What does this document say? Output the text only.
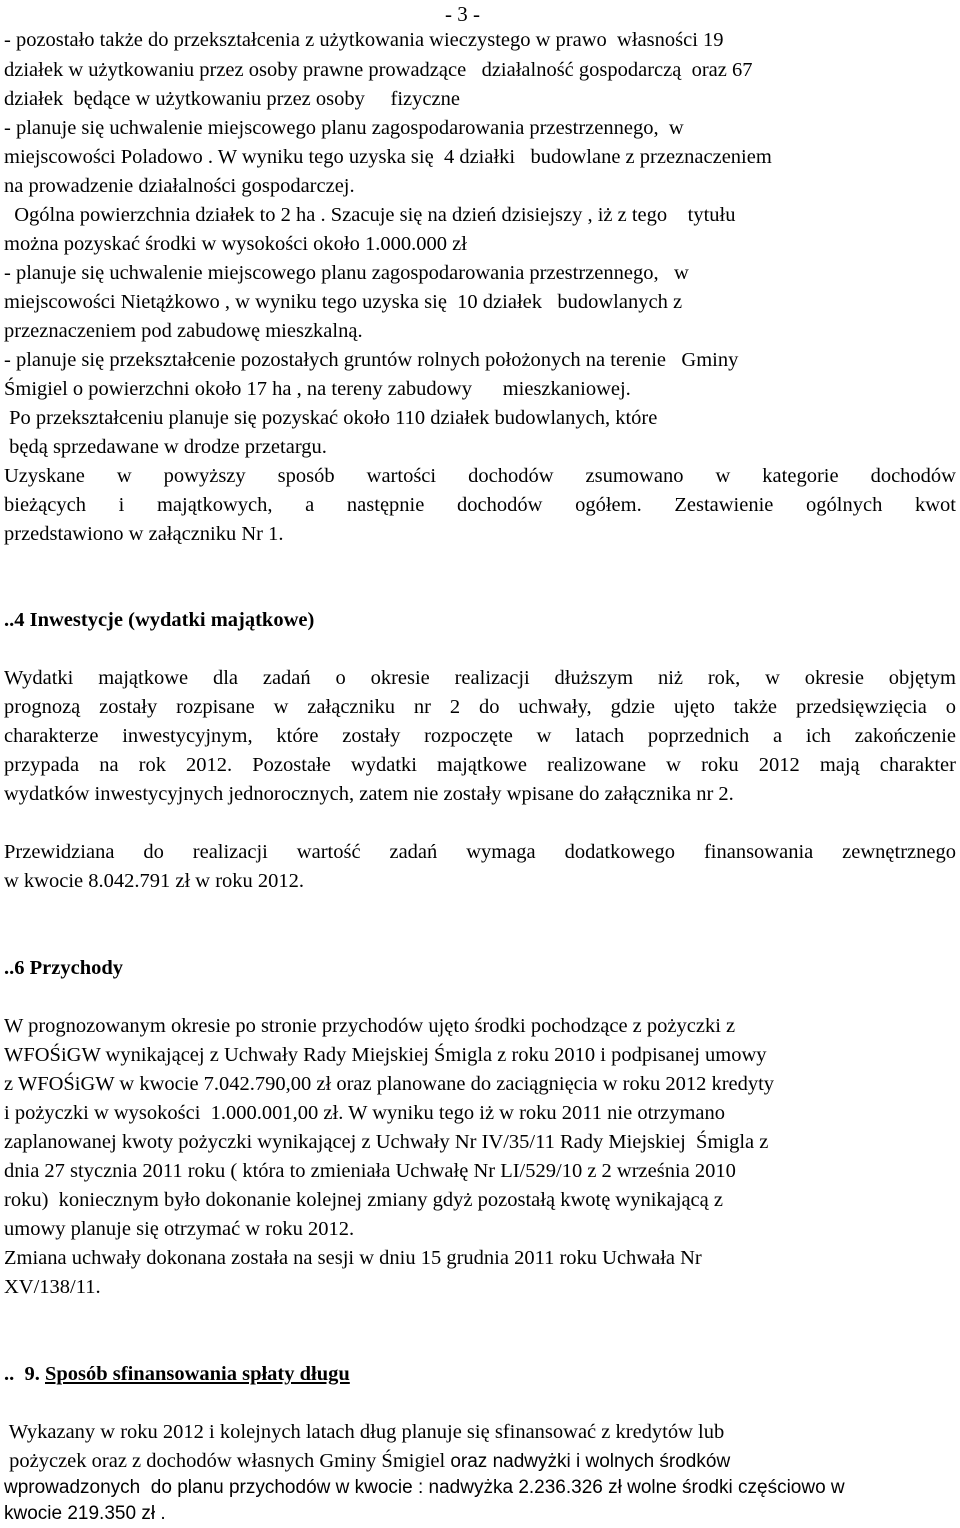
- 3 -
- pozostało także do przekształcenia z użytkowania wieczystego w prawo  własności 19
działek w użytkowaniu przez osoby prawne prowadzące   działalność gospodarczą  oraz 67
działek  będące w użytkowaniu przez osoby     fizyczne
- planuje się uchwalenie miejscowego planu zagospodarowania przestrzennego,  w
miejscowości Poladowo . W wyniku tego uzyska się  4 działki   budowlane z przeznaczeniem
na prowadzenie działalności gospodarczej.
Ogólna powierzchnia działek to 2 ha . Szacuje się na dzień dzisiejszy , iż z tego    tytułu
można pozyskać środki w wysokości około 1.000.000 zł
- planuje się uchwalenie miejscowego planu zagospodarowania przestrzennego,   w
miejscowości Nietążkowo , w wyniku tego uzyska się  10 działek   budowlanych z
przeznaczeniem pod zabudowę mieszkalną.
- planuje się przekształcenie pozostałych gruntów rolnych położonych na terenie   Gminy
Śmigiel o powierzchni około 17 ha , na tereny zabudowy      mieszkaniowej.
Po przekształceniu planuje się pozyskać około 110 działek budowlanych, które
będą sprzedawane w drodze przetargu.
Uzyskane w powyższy sposób wartości dochodów zsumowano w kategorie dochodów
bieżących i majątkowych, a następnie dochodów ogółem. Zestawienie ogólnych kwot
przedstawiono w załączniku Nr 1.
..4 Inwestycje (wydatki majątkowe)
Wydatki majątkowe dla zadań o okresie realizacji dłuższym niż rok, w okresie objętym
prognozą zostały rozpisane w załączniku nr 2 do uchwały, gdzie ujęto także przedsięwzięcia o
charakterze inwestycyjnym, które zostały rozpoczęte w latach poprzednich a ich zakończenie
przypada na rok 2012. Pozostałe wydatki majątkowe realizowane w roku 2012 mają charakter
wydatków inwestycyjnych jednorocznych, zatem nie zostały wpisane do załącznika nr 2.
Przewidziana do realizacji wartość zadań wymaga dodatkowego finansowania zewnętrznego
w kwocie 8.042.791 zł w roku 2012.
..6 Przychody
W prognozowanym okresie po stronie przychodów ujęto środki pochodzące z pożyczki z
WFOŚiGW wynikającej z Uchwały Rady Miejskiej Śmigla z roku 2010 i podpisanej umowy
z WFOŚiGW w kwocie 7.042.790,00 zł oraz planowane do zaciągnięcia w roku 2012 kredyty
i pożyczki w wysokości  1.000.001,00 zł. W wyniku tego iż w roku 2011 nie otrzymano
zaplanowanej kwoty pożyczki wynikającej z Uchwały Nr IV/35/11 Rady Miejskiej  Śmigla z
dnia 27 stycznia 2011 roku ( która to zmieniała Uchwałę Nr LI/529/10 z 2 września 2010
roku)  koniecznym było dokonanie kolejnej zmiany gdyż pozostałą kwotę wynikającą z
umowy planuje się otrzymać w roku 2012.
Zmiana uchwały dokonana została na sesji w dniu 15 grudnia 2011 roku Uchwała Nr
XV/138/11.
..  9. Sposób sfinansowania spłaty długu
Wykazany w roku 2012 i kolejnych latach dług planuje się sfinansować z kredytów lub
pożyczek oraz z dochodów własnych Gminy Śmigiel oraz nadwyżki i wolnych środków
wprowadzonych  do planu przychodów w kwocie : nadwyżka 2.236.326 zł wolne środki częściowo w
kwocie 219.350 zł .
